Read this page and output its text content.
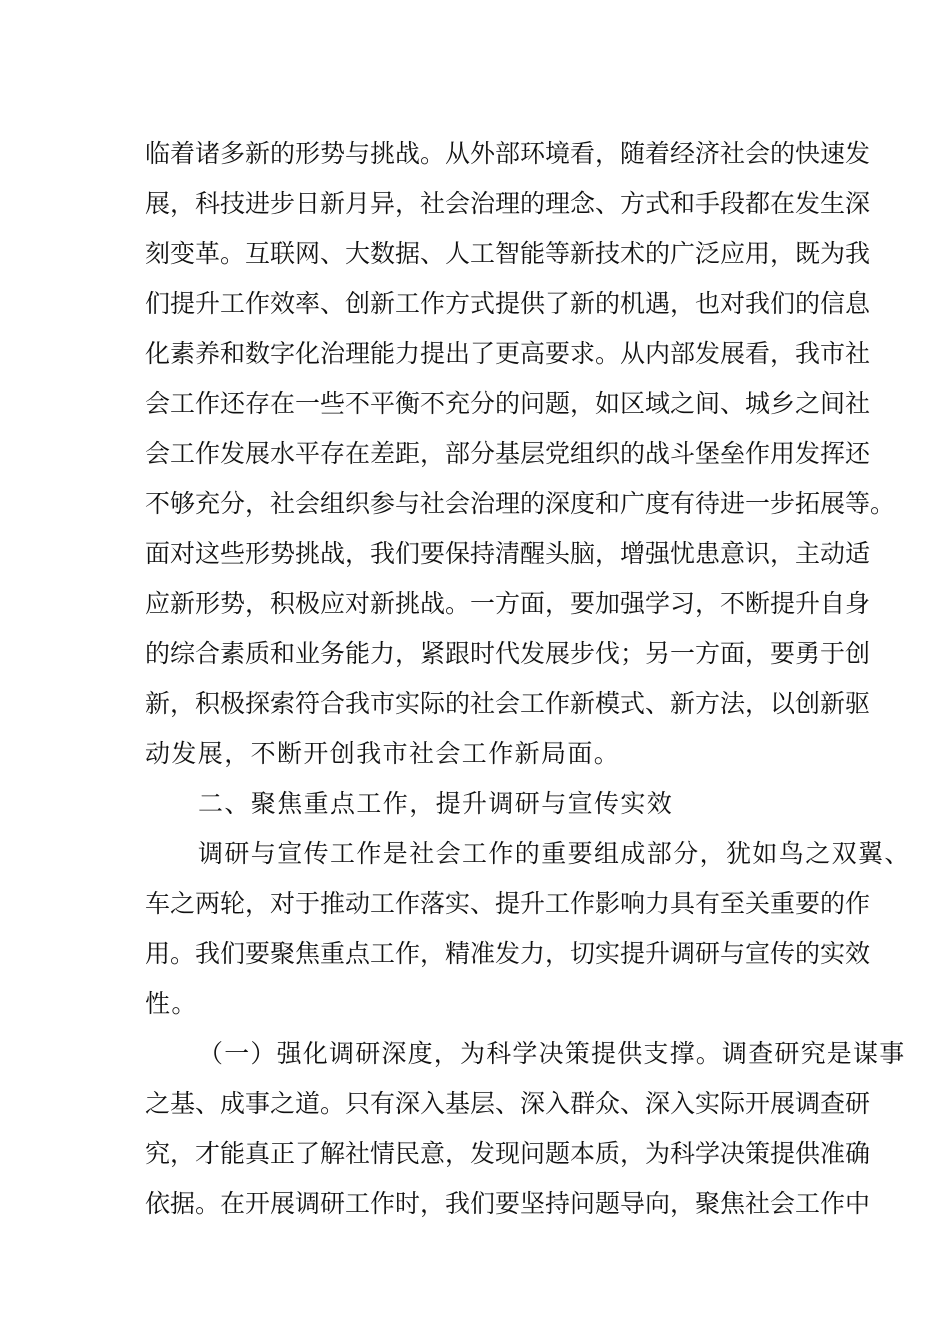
临着诸多新的形势与挑战。从外部环境看，随着经济社会的快速发
展，科技进步日新月异，社会治理的理念、方式和手段都在发生深
刻变革。互联网、大数据、人工智能等新技术的广泛应用，既为我
们提升工作效率、创新工作方式提供了新的机遇，也对我们的信息
化素养和数字化治理能力提出了更高要求。从内部发展看，我市社
会工作还存在一些不平衡不充分的问题，如区域之间、城乡之间社
会工作发展水平存在差距，部分基层党组织的战斗堡垒作用发挥还
不够充分，社会组织参与社会治理的深度和广度有待进一步拓展等。
面对这些形势挑战，我们要保持清醒头脑，增强忧患意识，主动适
应新形势，积极应对新挑战。一方面，要加强学习，不断提升自身
的综合素质和业务能力，紧跟时代发展步伐；另一方面，要勇于创
新，积极探索符合我市实际的社会工作新模式、新方法，以创新驱
动发展，不断开创我市社会工作新局面。
二、聚焦重点工作，提升调研与宣传实效
调研与宣传工作是社会工作的重要组成部分，犹如鸟之双翼、
车之两轮，对于推动工作落实、提升工作影响力具有至关重要的作
用。我们要聚焦重点工作，精准发力，切实提升调研与宣传的实效
性。
（一）强化调研深度，为科学决策提供支撑。调查研究是谋事
之基、成事之道。只有深入基层、深入群众、深入实际开展调查研
究，才能真正了解社情民意，发现问题本质，为科学决策提供准确
依据。在开展调研工作时，我们要坚持问题导向，聚焦社会工作中
